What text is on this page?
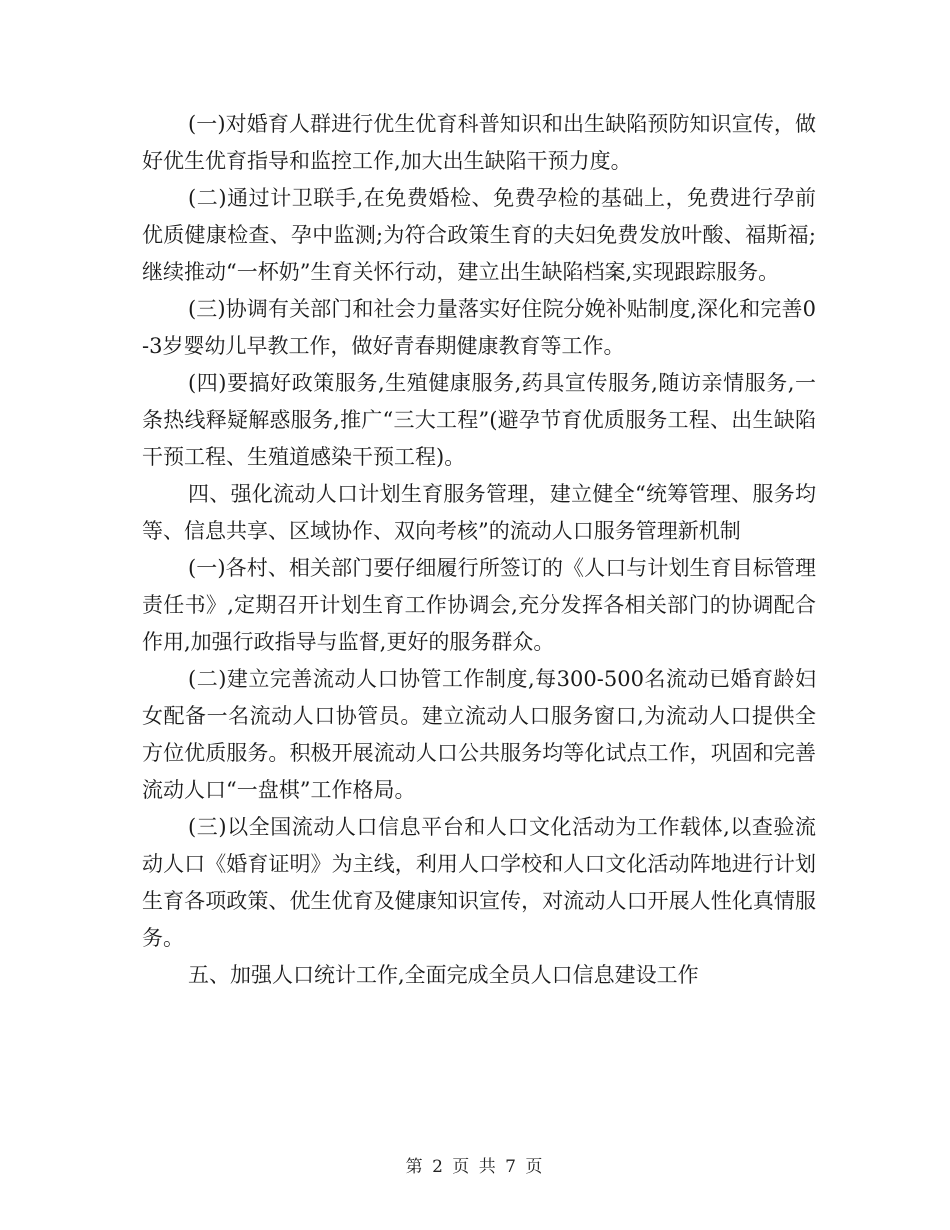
(一)对婚育人群进行优生优育科普知识和出生缺陷预防知识宣传，做好优生优育指导和监控工作,加大出生缺陷干预力度。

(二)通过计卫联手,在免费婚检、免费孕检的基础上，免费进行孕前优质健康检查、孕中监测;为符合政策生育的夫妇免费发放叶酸、福斯福;继续推动“一杯奶”生育关怀行动，建立出生缺陷档案,实现跟踪服务。

(三)协调有关部门和社会力量落实好住院分娩补贴制度,深化和完善0-3岁婴幼儿早教工作，做好青春期健康教育等工作。

(四)要搞好政策服务,生殖健康服务,药具宣传服务,随访亲情服务,一条热线释疑解惑服务,推广“三大工程”(避孕节育优质服务工程、出生缺陷干预工程、生殖道感染干预工程)。

四、强化流动人口计划生育服务管理，建立健全“统筹管理、服务均等、信息共享、区域协作、双向考核”的流动人口服务管理新机制

(一)各村、相关部门要仔细履行所签订的《人口与计划生育目标管理责任书》,定期召开计划生育工作协调会,充分发挥各相关部门的协调配合作用,加强行政指导与监督,更好的服务群众。

(二)建立完善流动人口协管工作制度,每300-500名流动已婚育龄妇女配备一名流动人口协管员。建立流动人口服务窗口,为流动人口提供全方位优质服务。积极开展流动人口公共服务均等化试点工作，巩固和完善流动人口“一盘棋”工作格局。

(三)以全国流动人口信息平台和人口文化活动为工作载体,以查验流动人口《婚育证明》为主线，利用人口学校和人口文化活动阵地进行计划生育各项政策、优生优育及健康知识宣传，对流动人口开展人性化真情服务。

五、加强人口统计工作,全面完成全员人口信息建设工作

第 2 页 共 7 页
